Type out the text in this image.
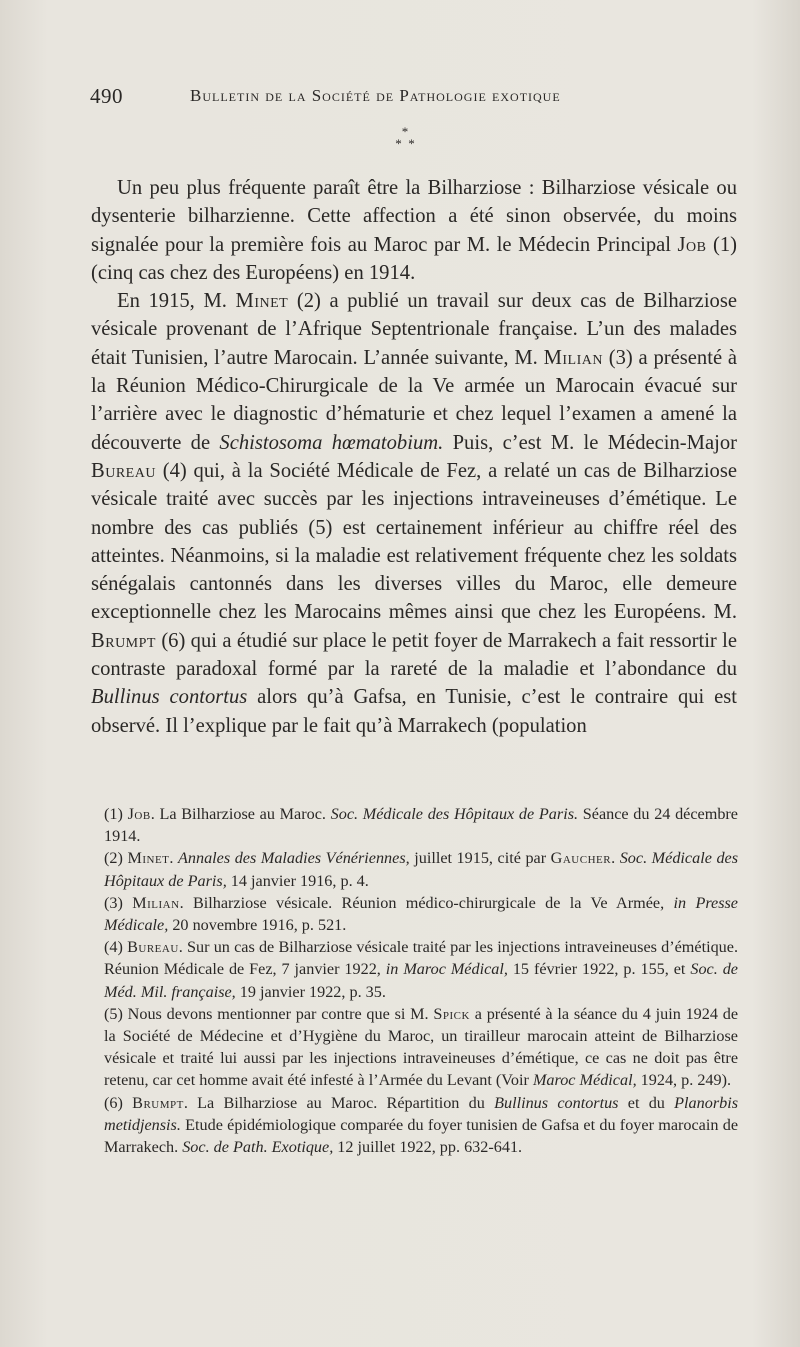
490	Bulletin de la Société de Pathologie exotique
*
*  *

Un peu plus fréquente paraît être la Bilharziose : Bilharziose vésicale ou dysenterie bilharzienne. Cette affection a été sinon observée, du moins signalée pour la première fois au Maroc par M. le Médecin Principal Job (1) (cinq cas chez des Européens) en 1914.

En 1915, M. Minet (2) a publié un travail sur deux cas de Bilharziose vésicale provenant de l’Afrique Septentrionale française. L’un des malades était Tunisien, l’autre Marocain. L’année suivante, M. Milian (3) a présenté à la Réunion Médico-Chirurgicale de la Ve armée un Marocain évacué sur l’arrière avec le diagnostic d’hématurie et chez lequel l’examen a amené la découverte de Schistosoma hœmatobium. Puis, c’est M. le Médecin-Major Bureau (4) qui, à la Société Médicale de Fez, a relaté un cas de Bilharziose vésicale traité avec succès par les injections intraveineuses d’émétique. Le nombre des cas publiés (5) est certainement inférieur au chiffre réel des atteintes. Néanmoins, si la maladie est relativement fréquente chez les soldats sénégalais cantonnés dans les diverses villes du Maroc, elle demeure exceptionnelle chez les Marocains mêmes ainsi que chez les Européens. M. Brumpt (6) qui a étudié sur place le petit foyer de Marrakech a fait ressortir le contraste paradoxal formé par la rareté de la maladie et l’abondance du Bullinus contortus alors qu’à Gafsa, en Tunisie, c’est le contraire qui est observé. Il l’explique par le fait qu’à Marrakech (population

(1) Job. La Bilharziose au Maroc. Soc. Médicale des Hôpitaux de Paris. Séance du 24 décembre 1914.

(2) Minet. Annales des Maladies Vénériennes, juillet 1915, cité par Gaucher. Soc. Médicale des Hôpitaux de Paris, 14 janvier 1916, p. 4.

(3) Milian. Bilharziose vésicale. Réunion médico-chirurgicale de la Ve Armée, in Presse Médicale, 20 novembre 1916, p. 521.

(4) Bureau. Sur un cas de Bilharziose vésicale traité par les injections intraveineuses d’émétique. Réunion Médicale de Fez, 7 janvier 1922, in Maroc Médical, 15 février 1922, p. 155, et Soc. de Méd. Mil. française, 19 janvier 1922, p. 35.

(5) Nous devons mentionner par contre que si M. Spick a présenté à la séance du 4 juin 1924 de la Société de Médecine et d’Hygiène du Maroc, un tirailleur marocain atteint de Bilharziose vésicale et traité lui aussi par les injections intraveineuses d’émétique, ce cas ne doit pas être retenu, car cet homme avait été infesté à l’Armée du Levant (Voir Maroc Médical, 1924, p. 249).

(6) Brumpt. La Bilharziose au Maroc. Répartition du Bullinus contortus et du Planorbis metidjensis. Etude épidémiologique comparée du foyer tunisien de Gafsa et du foyer marocain de Marrakech. Soc. de Path. Exotique, 12 juillet 1922, pp. 632-641.
